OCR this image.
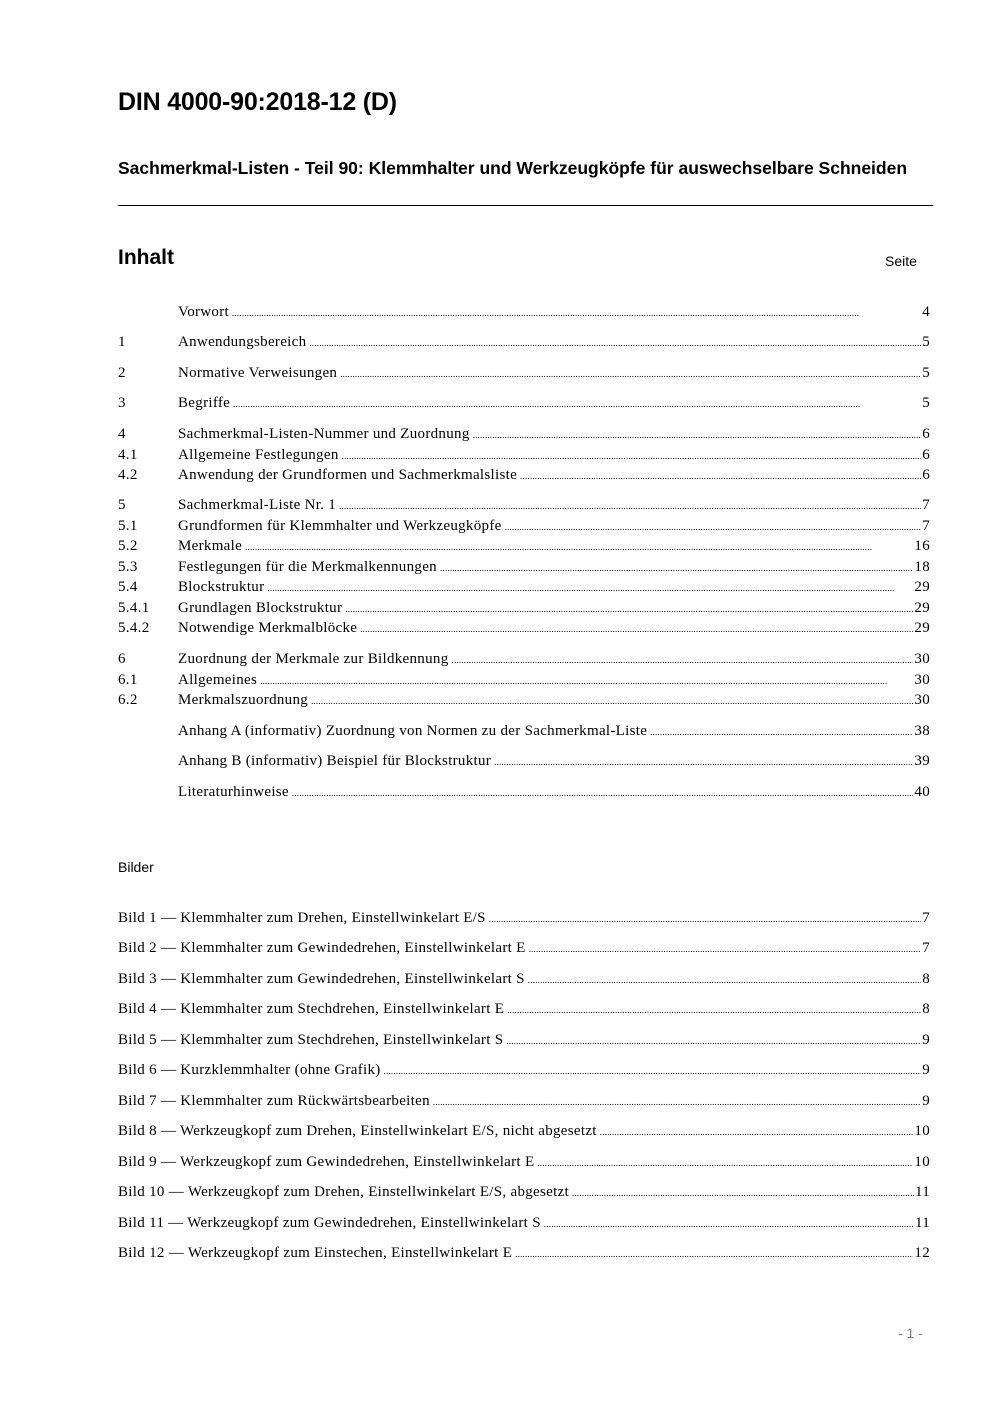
DIN 4000-90:2018-12 (D)
Sachmerkmal-Listen - Teil 90: Klemmhalter und Werkzeugköpfe für auswechselbare Schneiden
Inhalt	Seite
Vorwort .....	4
1	Anwendungsbereich .....	5
2	Normative Verweisungen .....	5
3	Begriffe .....	5
4	Sachmerkmal-Listen-Nummer und Zuordnung .....	6
4.1	Allgemeine Festlegungen .....	6
4.2	Anwendung der Grundformen und Sachmerkmalsliste .....	6
5	Sachmerkmal-Liste Nr. 1 .....	7
5.1	Grundformen für Klemmhalter und Werkzeugköpfe .....	7
5.2	Merkmale .....	16
5.3	Festlegungen für die Merkmalkennungen .....	18
5.4	Blockstruktur .....	29
5.4.1	Grundlagen Blockstruktur .....	29
5.4.2	Notwendige Merkmalblöcke .....	29
6	Zuordnung der Merkmale zur Bildkennung .....	30
6.1	Allgemeines .....	30
6.2	Merkmalszuordnung .....	30
Anhang A (informativ) Zuordnung von Normen zu der Sachmerkmal-Liste .....	38
Anhang B (informativ) Beispiel für Blockstruktur .....	39
Literaturhinweise .....	40
Bilder
Bild 1 — Klemmhalter zum Drehen, Einstellwinkelart E/S .....	7
Bild 2 — Klemmhalter zum Gewindedrehen, Einstellwinkelart E .....	7
Bild 3 — Klemmhalter zum Gewindedrehen, Einstellwinkelart S .....	8
Bild 4 — Klemmhalter zum Stechdrehen, Einstellwinkelart E .....	8
Bild 5 — Klemmhalter zum Stechdrehen, Einstellwinkelart S .....	9
Bild 6 — Kurzklemmhalter (ohne Grafik) .....	9
Bild 7 — Klemmhalter zum Rückwärtsbearbeiten .....	9
Bild 8 — Werkzeugkopf zum Drehen, Einstellwinkelart E/S, nicht abgesetzt .....	10
Bild 9 — Werkzeugkopf zum Gewindedrehen, Einstellwinkelart E .....	10
Bild 10 — Werkzeugkopf zum Drehen, Einstellwinkelart E/S, abgesetzt .....	11
Bild 11 — Werkzeugkopf zum Gewindedrehen, Einstellwinkelart S .....	11
Bild 12 — Werkzeugkopf zum Einstechen, Einstellwinkelart E .....	12
- 1 -
